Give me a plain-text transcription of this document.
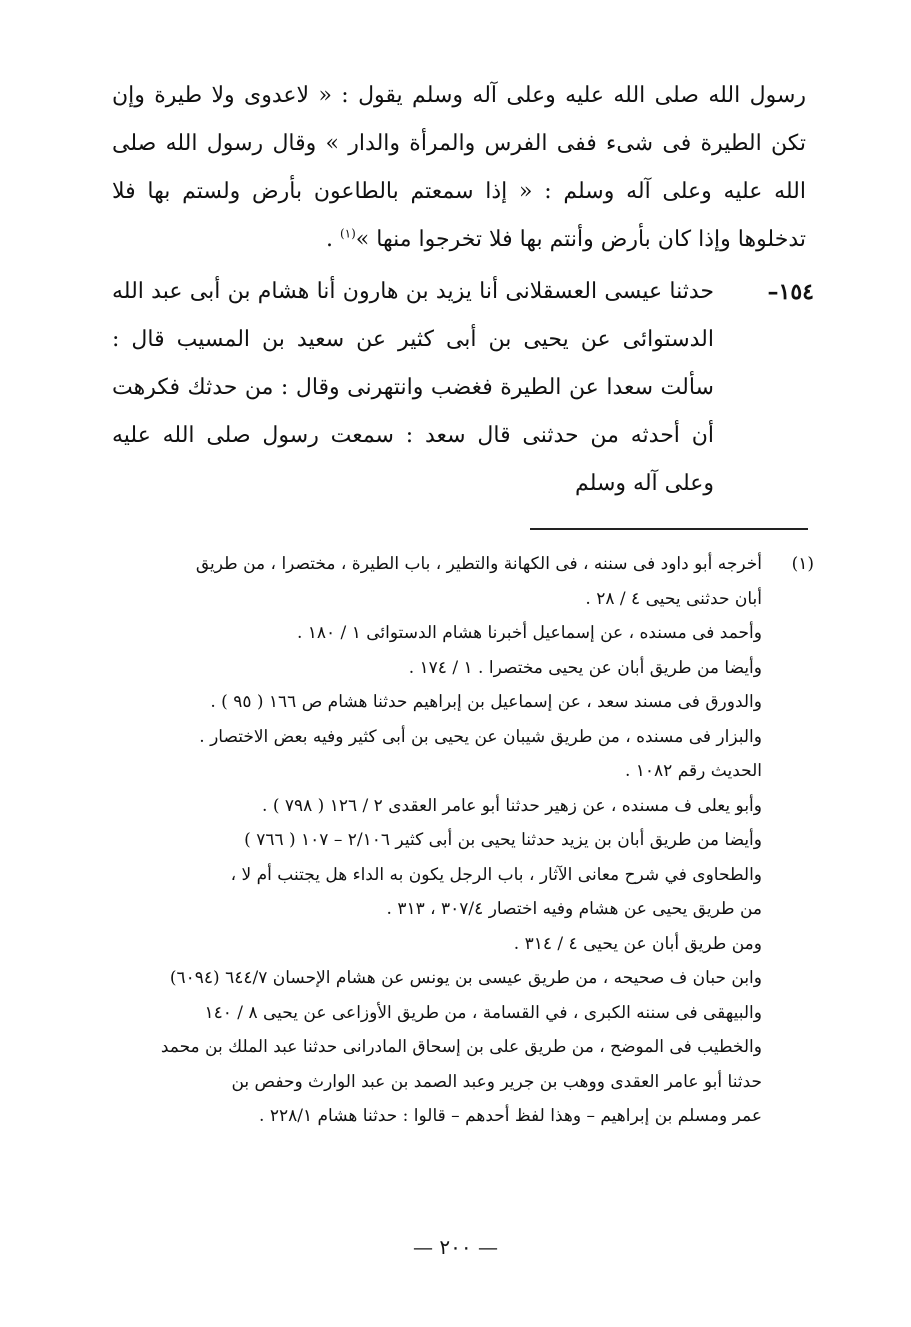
رسول الله صلى الله عليه وعلى آله وسلم يقول : « لاعدوى ولا طيرة وإن تكن الطيرة فى شىء ففى الفرس والمرأة والدار » وقال رسول الله صلى الله عليه وعلى آله وسلم : « إذا سمعتم بالطاعون بأرض ولستم بها فلا تدخلوها وإذا كان بأرض وأنتم بها فلا تخرجوا منها »$^{(١)}$ .

١٥٤–
حدثنا عيسى العسقلانى أنا يزيد بن هارون أنا هشام بن أبى عبد الله الدستوائى عن يحيى بن أبى كثير عن سعيد بن المسيب قال : سألت سعدا عن الطيرة فغضب وانتهرنى وقال : من حدثك فكرهت أن أحدثه من حدثنى قال سعد : سمعت رسول صلى الله عليه وعلى آله وسلم

(١)
أخرجه أبو داود فى سننه ، فى الكهانة والتطير ، باب الطيرة ، مختصرا ، من طريق
أبان حدثنى يحيى ٤ / ٢٨ .
وأحمد فى مسنده ، عن إسماعيل أخبرنا هشام الدستوائى ١ / ١٨٠ .
وأيضا من طريق أبان عن يحيى مختصرا . ١ / ١٧٤ .
والدورق فى مسند سعد ، عن إسماعيل بن إبراهيم حدثنا هشام ص ١٦٦ ( ٩٥ ) .
والبزار فى مسنده ، من طريق شيبان عن يحيى بن أبى كثير وفيه بعض الاختصار .
الحديث رقم ١٠٨٢ .
وأبو يعلى ف مسنده ، عن زهير حدثنا أبو عامر العقدى ٢ / ١٢٦ ( ٧٩٨ ) .
وأيضا من طريق أبان بن يزيد حدثنا يحيى بن أبى كثير ٢/١٠٦ – ١٠٧ ( ٧٦٦ )
والطحاوى في شرح معانى الآثار ، باب الرجل يكون به الداء هل يجتنب أم لا ،
من طريق يحيى عن هشام وفيه اختصار ٣٠٧/٤ ، ٣١٣ .
ومن طريق أبان عن يحيى ٤ / ٣١٤ .
وابن حبان ف صحيحه ، من طريق عيسى بن يونس عن هشام الإحسان ٦٤٤/٧ (٦٠٩٤)
والبيهقى فى سننه الكبرى ، في القسامة ، من طريق الأوزاعى عن يحيى ٨ / ١٤٠
والخطيب فى الموضح ، من طريق على بن إسحاق المادرانى حدثنا عبد الملك بن محمد
حدثنا أبو عامر العقدى ووهب بن جرير وعبد الصمد بن عبد الوارث وحفص بن
عمر ومسلم بن إبراهيم – وهذا لفظ أحدهم – قالوا : حدثنا هشام ٢٢٨/١ .
— ٢٠٠ —
